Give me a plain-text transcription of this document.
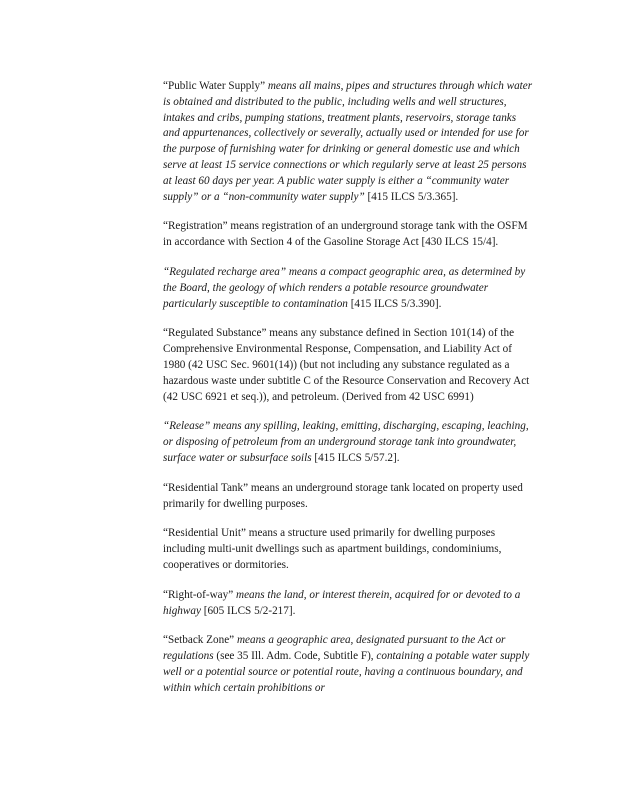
“Public Water Supply” means all mains, pipes and structures through which water is obtained and distributed to the public, including wells and well structures, intakes and cribs, pumping stations, treatment plants, reservoirs, storage tanks and appurtenances, collectively or severally, actually used or intended for use for the purpose of furnishing water for drinking or general domestic use and which serve at least 15 service connections or which regularly serve at least 25 persons at least 60 days per year. A public water supply is either a “community water supply” or a “non-community water supply” [415 ILCS 5/3.365].

“Registration” means registration of an underground storage tank with the OSFM in accordance with Section 4 of the Gasoline Storage Act [430 ILCS 15/4].

“Regulated recharge area” means a compact geographic area, as determined by the Board, the geology of which renders a potable resource groundwater particularly susceptible to contamination [415 ILCS 5/3.390].

“Regulated Substance” means any substance defined in Section 101(14) of the Comprehensive Environmental Response, Compensation, and Liability Act of 1980 (42 USC Sec. 9601(14)) (but not including any substance regulated as a hazardous waste under subtitle C of the Resource Conservation and Recovery Act (42 USC 6921 et seq.)), and petroleum. (Derived from 42 USC 6991)

“Release” means any spilling, leaking, emitting, discharging, escaping, leaching, or disposing of petroleum from an underground storage tank into groundwater, surface water or subsurface soils [415 ILCS 5/57.2].

“Residential Tank” means an underground storage tank located on property used primarily for dwelling purposes.

“Residential Unit” means a structure used primarily for dwelling purposes including multi-unit dwellings such as apartment buildings, condominiums, cooperatives or dormitories.

“Right-of-way” means the land, or interest therein, acquired for or devoted to a highway [605 ILCS 5/2-217].

“Setback Zone” means a geographic area, designated pursuant to the Act or regulations (see 35 Ill. Adm. Code, Subtitle F), containing a potable water supply well or a potential source or potential route, having a continuous boundary, and within which certain prohibitions or
